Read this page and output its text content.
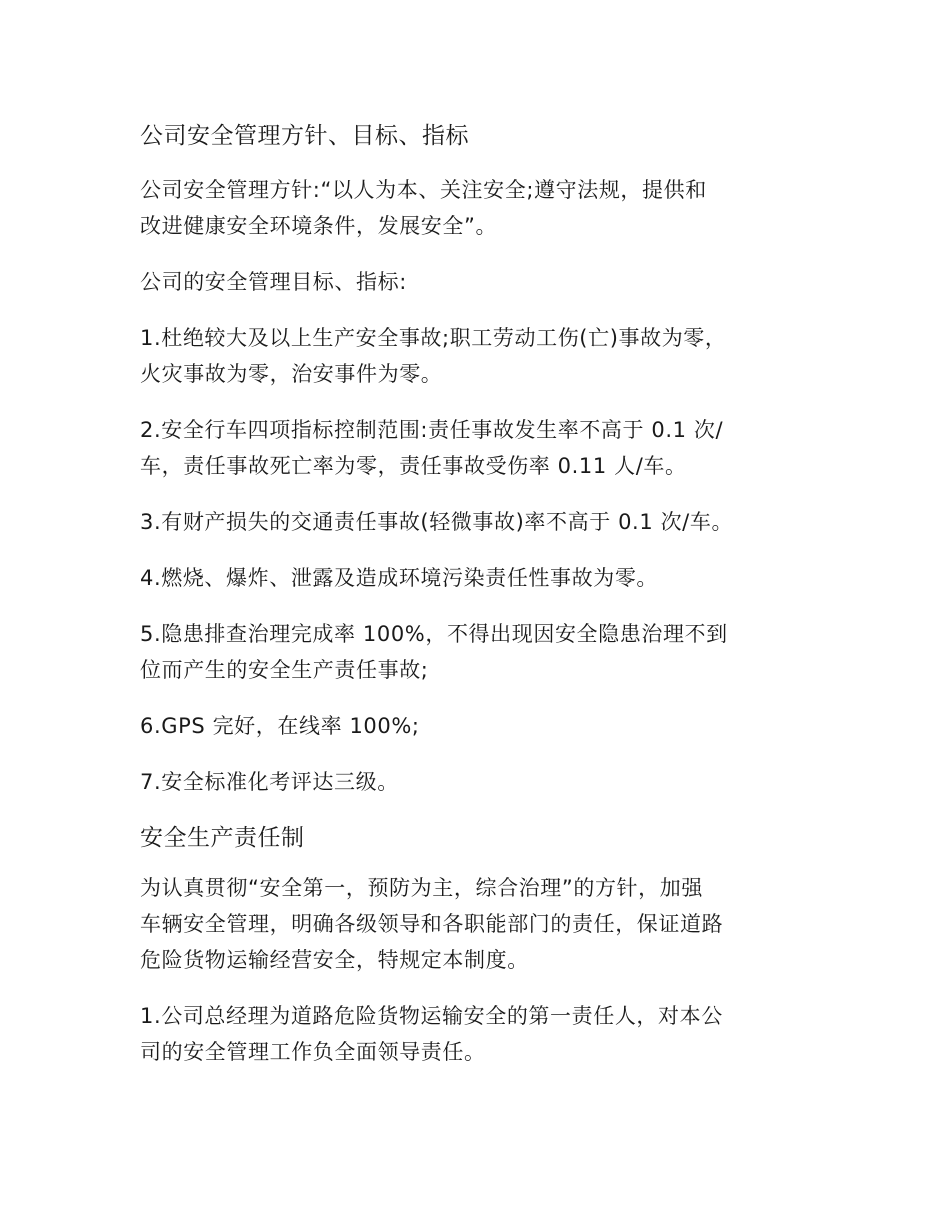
公司安全管理方针、目标、指标
公司安全管理方针:“以人为本、关注安全;遵守法规，提供和
改进健康安全环境条件，发展安全”。
公司的安全管理目标、指标:
1.杜绝较大及以上生产安全事故;职工劳动工伤(亡)事故为零，
火灾事故为零，治安事件为零。
2.安全行车四项指标控制范围:责任事故发生率不高于 0.1 次/
车，责任事故死亡率为零，责任事故受伤率 0.11 人/车。
3.有财产损失的交通责任事故(轻微事故)率不高于 0.1 次/车。
4.燃烧、爆炸、泄露及造成环境污染责任性事故为零。
5.隐患排查治理完成率 100%，不得出现因安全隐患治理不到
位而产生的安全生产责任事故;
6.GPS 完好，在线率 100%;
7.安全标准化考评达三级。
安全生产责任制
为认真贯彻“安全第一，预防为主，综合治理”的方针，加强
车辆安全管理，明确各级领导和各职能部门的责任，保证道路
危险货物运输经营安全，特规定本制度。
1.公司总经理为道路危险货物运输安全的第一责任人，对本公
司的安全管理工作负全面领导责任。
